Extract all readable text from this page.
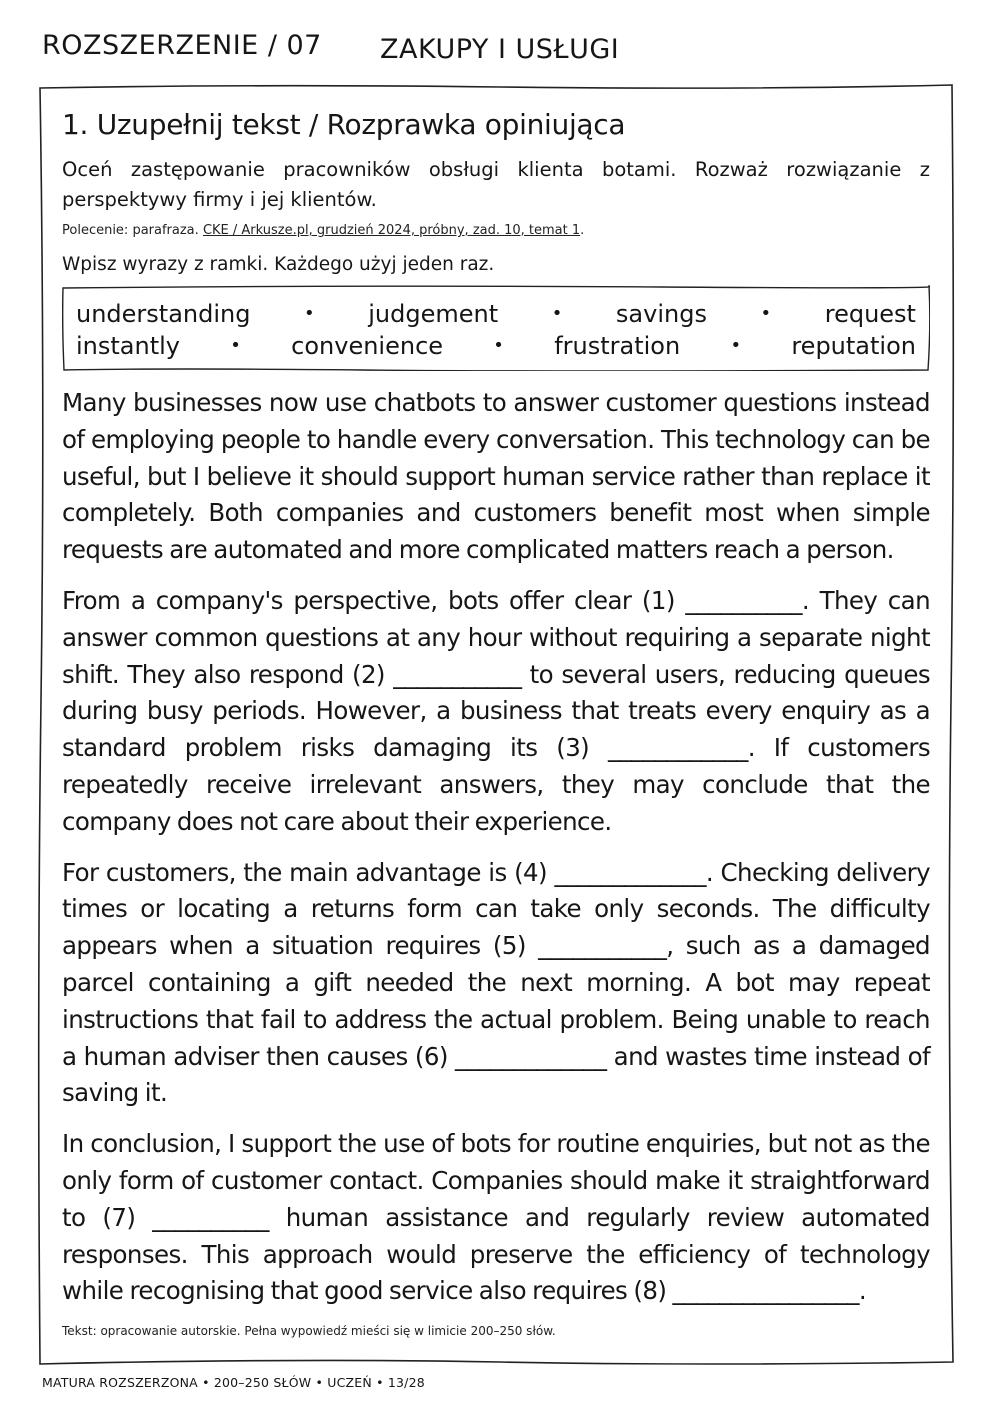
ROZSZERZENIE / 07 ZAKUPY I USŁUGI
1. Uzupełnij tekst / Rozprawka opiniująca

Oceń zastępowanie pracowników obsługi klienta botami. Rozważ rozwiązanie z perspektywy firmy i jej klientów.

Polecenie: parafraza. CKE / Arkusze.pl, grudzień 2024, próbny, zad. 10, temat 1.
Wpisz wyrazy z ramki. Każdego użyj jeden raz.
understanding	• judgement	• savings	• request
instantly	• convenience	• frustration	• reputation

Many businesses now use chatbots to answer customer questions instead of employing people to handle every conversation. This technology can be useful, but I believe it should support human service rather than replace it completely. Both companies and customers benefit most when simple requests are automated and more complicated matters reach a person.

From a company's perspective, bots offer clear (1) __________. They can answer common questions at any hour without requiring a separate night shift. They also respond (2) ___________ to several users, reducing queues during busy periods. However, a business that treats every enquiry as a standard problem risks damaging its (3) ____________. If customers repeatedly receive irrelevant answers, they may conclude that the company does not care about their experience.

For customers, the main advantage is (4) _____________. Checking delivery times or locating a returns form can take only seconds. The difficulty appears when a situation requires (5) ___________, such as a damaged parcel containing a gift needed the next morning. A bot may repeat instructions that fail to address the actual problem. Being unable to reach a human adviser then causes (6) _____________ and wastes time instead of saving it.

In conclusion, I support the use of bots for routine enquiries, but not as the only form of customer contact. Companies should make it straightforward to (7) __________ human assistance and regularly review automated responses. This approach would preserve the efficiency of technology while recognising that good service also requires (8) ________________.

Tekst: opracowanie autorskie. Pełna wypowiedź mieści się w limicie 200–250 słów.
MATURA ROZSZERZONA • 200–250 SŁÓW • UCZEŃ • 13/28
